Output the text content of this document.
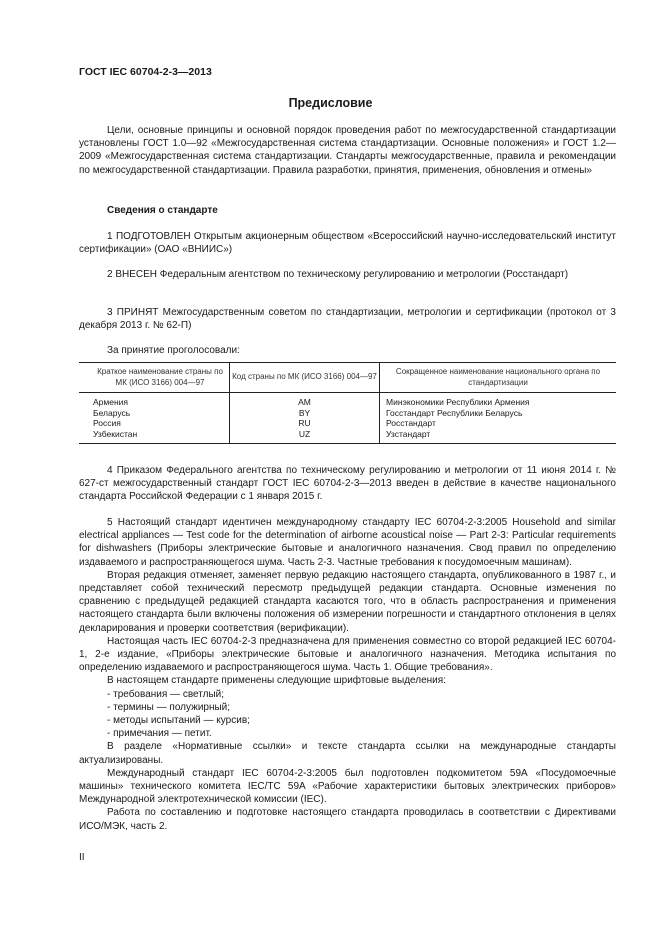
ГОСТ IEC 60704-2-3—2013
Предисловие

Цели, основные принципы и основной порядок проведения работ по межгосударственной стандартизации установлены ГОСТ 1.0—92 «Межгосударственная система стандартизации. Основные положения» и ГОСТ 1.2—2009 «Межгосударственная система стандартизации. Стандарты межгосударственные, правила и рекомендации по межгосударственной стандартизации. Правила разработки, принятия, применения, обновления и отмены»

Сведения о стандарте

1 ПОДГОТОВЛЕН Открытым акционерным обществом «Всероссийский научно-исследовательский институт сертификации» (ОАО «ВНИИС»)

2 ВНЕСЕН Федеральным агентством по техническому регулированию и метрологии (Росстандарт)

3 ПРИНЯТ Межгосударственным советом по стандартизации, метрологии и сертификации (протокол от 3 декабря 2013 г. № 62-П)

За принятие проголосовали:

Краткое наименование страны по МК (ИСО 3166) 004—97	Код страны по МК (ИСО 3166) 004—97	Сокращенное наименование национального органа по стандартизации
Армения	AM	Минэкономики Республики Армения
Беларусь	BY	Госстандарт Республики Беларусь
Россия	RU	Росстандарт
Узбекистан	UZ	Узстандарт

4 Приказом Федерального агентства по техническому регулированию и метрологии от 11 июня 2014 г. № 627-ст межгосударственный стандарт ГОСТ IEC 60704-2-3—2013 введен в действие в качестве национального стандарта Российской Федерации с 1 января 2015 г.

5 Настоящий стандарт идентичен международному стандарту IEC 60704-2-3:2005 Household and similar electrical appliances — Test code for the determination of airborne acoustical noise — Part 2-3: Particular requirements for dishwashers (Приборы электрические бытовые и аналогичного назначения. Свод правил по определению издаваемого и распространяющегося шума. Часть 2-3. Частные требования к посудомоечным машинам).

Вторая редакция отменяет, заменяет первую редакцию настоящего стандарта, опубликованного в 1987 г., и представляет собой технический пересмотр предыдущей редакции стандарта. Основные изменения по сравнению с предыдущей редакцией стандарта касаются того, что в область распространения и применения настоящего стандарта были включены положения об измерении погрешности и стандартного отклонения в целях декларирования и проверки соответствия (верификации).

Настоящая часть IEC 60704-2-3 предназначена для применения совместно со второй редакцией IEC 60704-1, 2-е издание, «Приборы электрические бытовые и аналогичного назначения. Методика испытания по определению издаваемого и распространяющегося шума. Часть 1. Общие требования».

В настоящем стандарте применены следующие шрифтовые выделения:

- требования — светлый;
- термины — полужирный;
- методы испытаний — курсив;
- примечания — петит.

В разделе «Нормативные ссылки» и тексте стандарта ссылки на международные стандарты актуализированы.

Международный стандарт IEC 60704-2-3:2005 был подготовлен подкомитетом 59А «Посудомоечные машины» технического комитета IEC/TC 59A «Рабочие характеристики бытовых электрических приборов» Международной электротехнической комиссии (IEC).

Работа по составлению и подготовке настоящего стандарта проводилась в соответствии с Директивами ИСО/МЭК, часть 2.

II
